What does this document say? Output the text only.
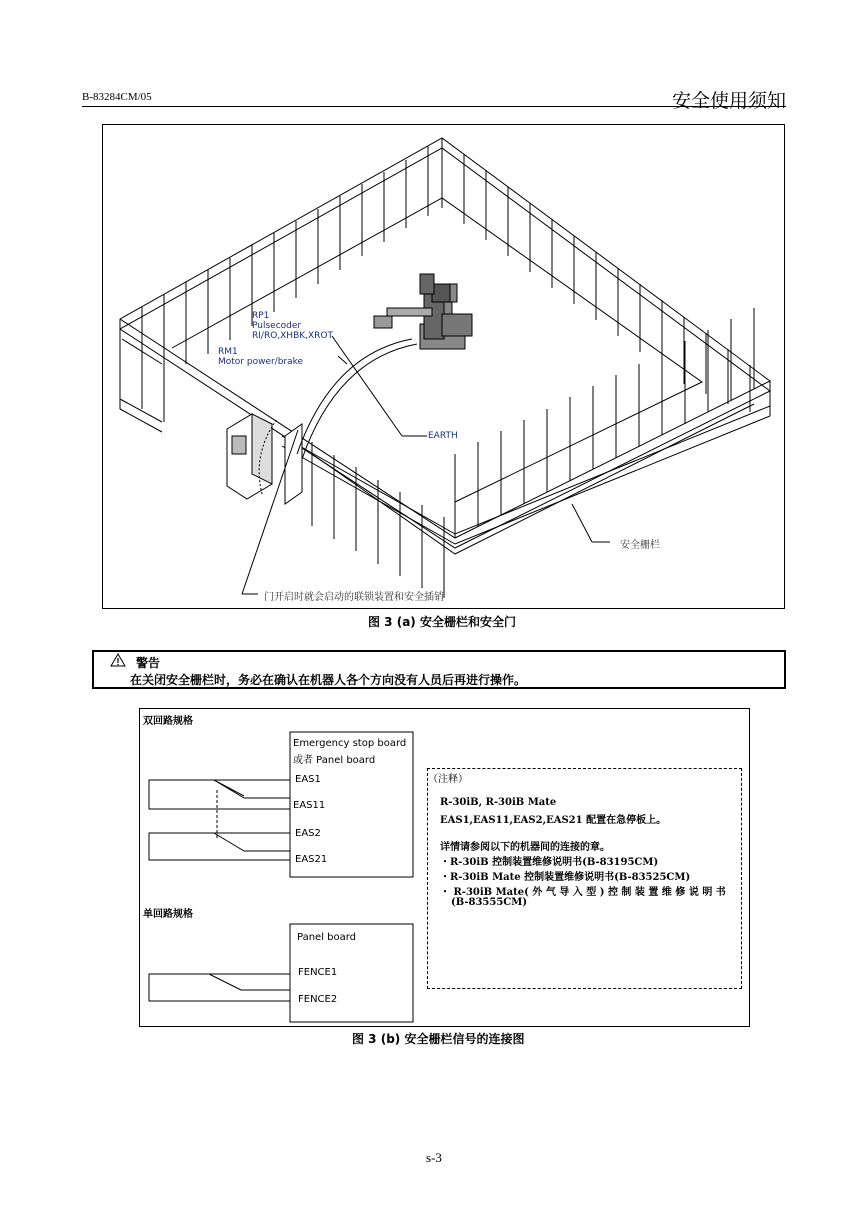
B-83284CM/05	安全使用须知
RP1
Pulsecoder
RI/RO,XHBK,XROT
RM1
Motor power/brake
EARTH
安全栅栏
门开启时就会启动的联锁装置和安全插销
图 3 (a) 安全栅栏和安全门
警告
在关闭安全栅栏时，务必在确认在机器人各个方向没有人员后再进行操作。
双回路规格
单回路规格
Emergency stop board
或者 Panel board
EAS1
EAS11
EAS2
EAS21
Panel board
FENCE1
FENCE2
（注释）
R-30iB, R-30iB Mate
EAS1,EAS11,EAS2,EAS21 配置在急停板上。
详情请参阅以下的机器间的连接的章。
・R-30iB 控制装置维修说明书(B-83195CM)
・R-30iB Mate 控制装置维修说明书(B-83525CM)
・ R-30iB Mate( 外 气 导 入 型 ) 控 制 装 置 维 修 说 明 书
(B-83555CM)
图 3 (b) 安全栅栏信号的连接图
s-3
